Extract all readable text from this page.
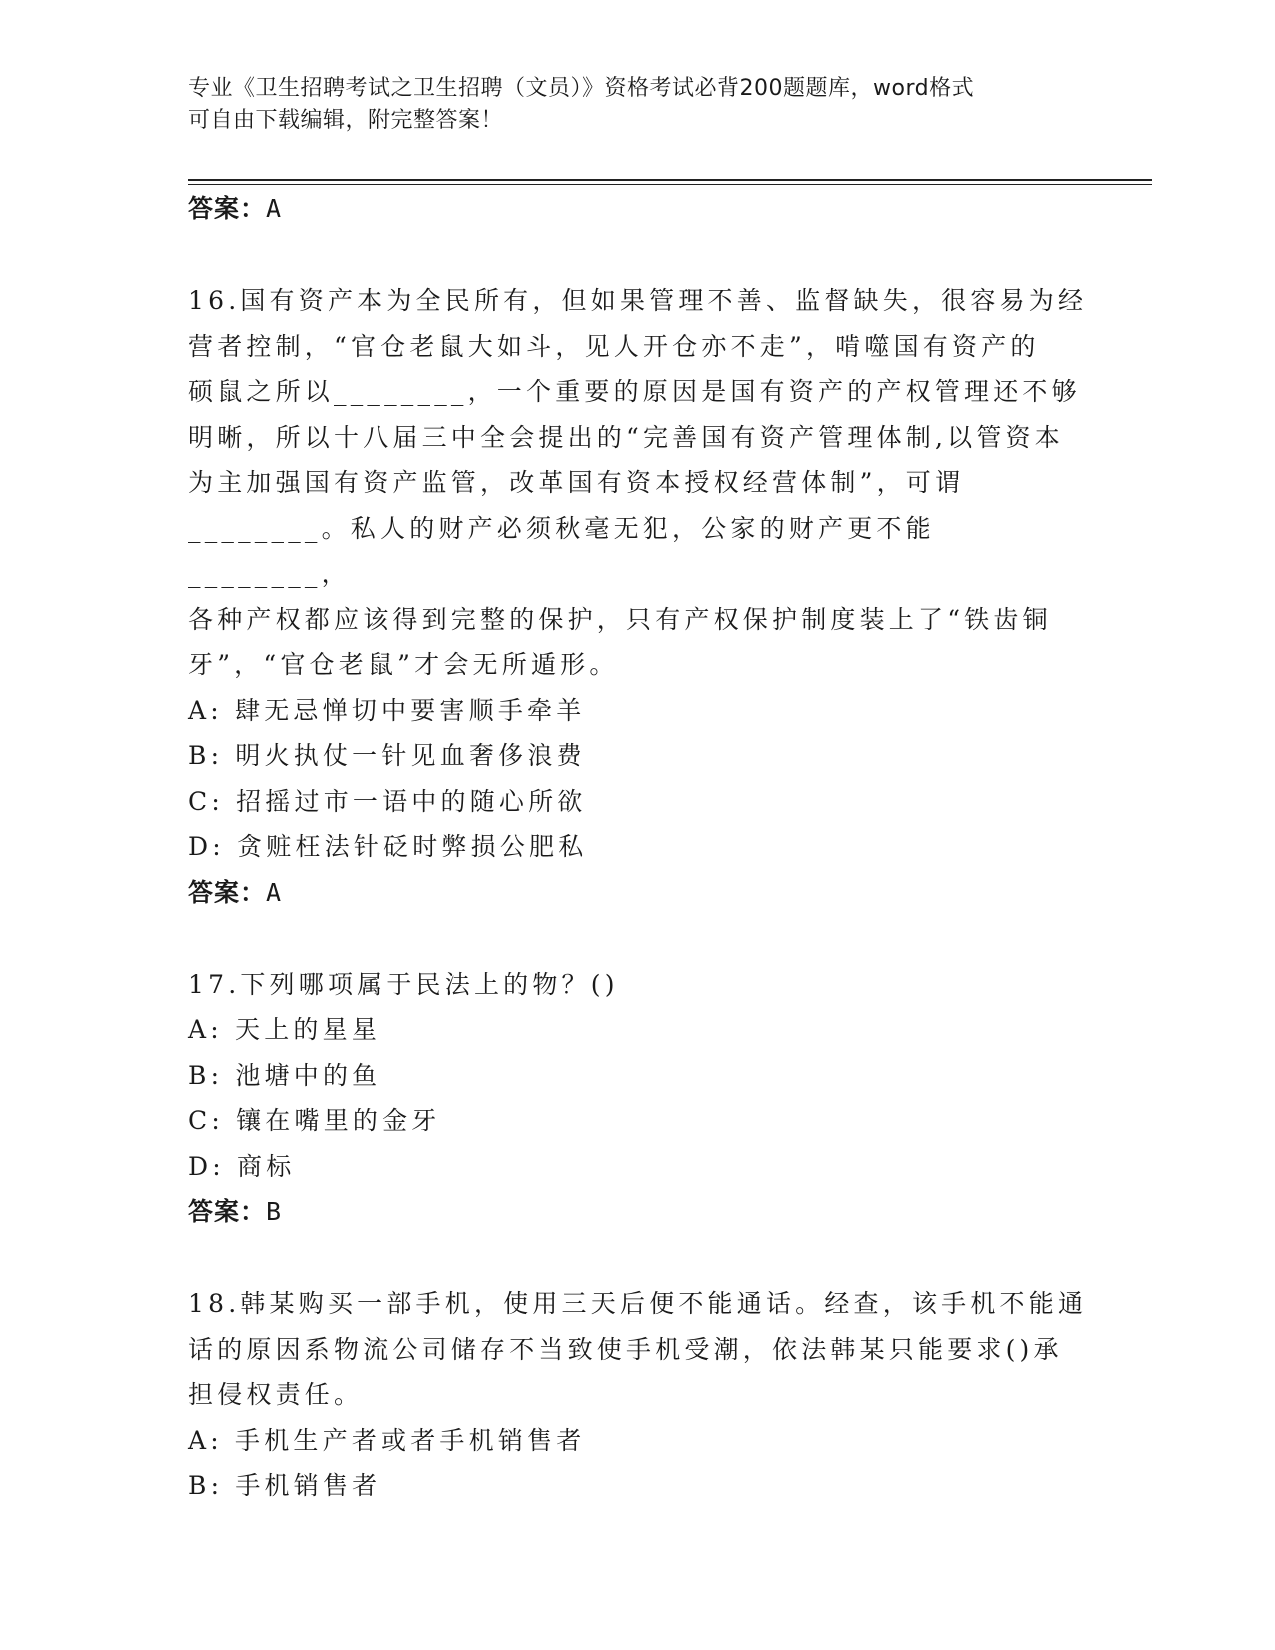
专业《卫生招聘考试之卫生招聘（文员）》资格考试必背200题题库，word格式
可自由下载编辑，附完整答案！
答案：A
16.国有资产本为全民所有，但如果管理不善、监督缺失，很容易为经
营者控制，“官仓老鼠大如斗，见人开仓亦不走”，啃噬国有资产的
硕鼠之所以________，一个重要的原因是国有资产的产权管理还不够
明晰，所以十八届三中全会提出的“完善国有资产管理体制,以管资本
为主加强国有资产监管，改革国有资本授权经营体制”，可谓
________。私人的财产必须秋毫无犯，公家的财产更不能________，
各种产权都应该得到完整的保护，只有产权保护制度装上了“铁齿铜
牙”，“官仓老鼠”才会无所遁形。
A: 肆无忌惮切中要害顺手牵羊
B: 明火执仗一针见血奢侈浪费
C: 招摇过市一语中的随心所欲
D: 贪赃枉法针砭时弊损公肥私
答案：A
17.下列哪项属于民法上的物？()
A: 天上的星星
B: 池塘中的鱼
C: 镶在嘴里的金牙
D: 商标
答案：B
18.韩某购买一部手机，使用三天后便不能通话。经查，该手机不能通
话的原因系物流公司储存不当致使手机受潮，依法韩某只能要求()承
担侵权责任。
A: 手机生产者或者手机销售者
B: 手机销售者
